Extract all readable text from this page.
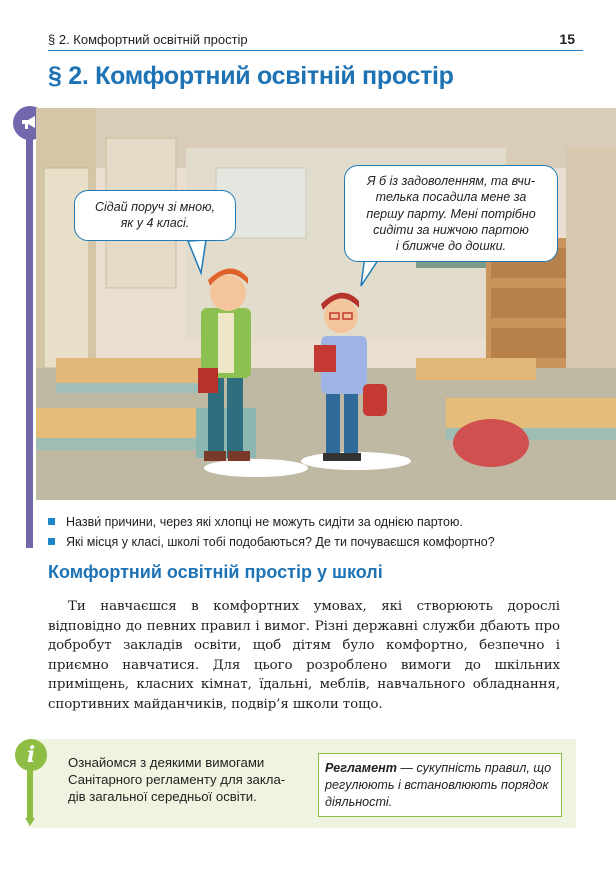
§ 2. Комфортний освітній простір	15
§ 2. Комфортний освітній простір
Сідай поруч зі мною,
як у 4 класі.
Я б із задоволенням, та вчи-
телька посадила мене за
першу парту. Мені потрібно
сидіти за нижчою партою
і ближче до дошки.
Назви́ причини, через які хлопці не можуть сидіти за однією партою.
Які місця у класі, школі тобі подобаються? Де ти почуваєшся комфортно?
Комфортний освітній простір у школі

Ти навчаєшся в комфортних умовах, які створюють дорослі відповідно до певних правил і вимог. Різні державні служби дбають про добробут закладів освіти, щоб дітям було комфортно, безпечно і приємно навчатися. Для цього розроблено вимоги до шкільних приміщень, класних кімнат, їдальні, меблів, навчального обладнання, спортивних майданчиків, подвір’я школи тощо.

i	Ознайомся з деякими вимогами
Санітарного регламенту для закла-
дів загальної середньої освіти.
Регламент — сукупність правил, що регулюють і встановлюють порядок діяльності.
